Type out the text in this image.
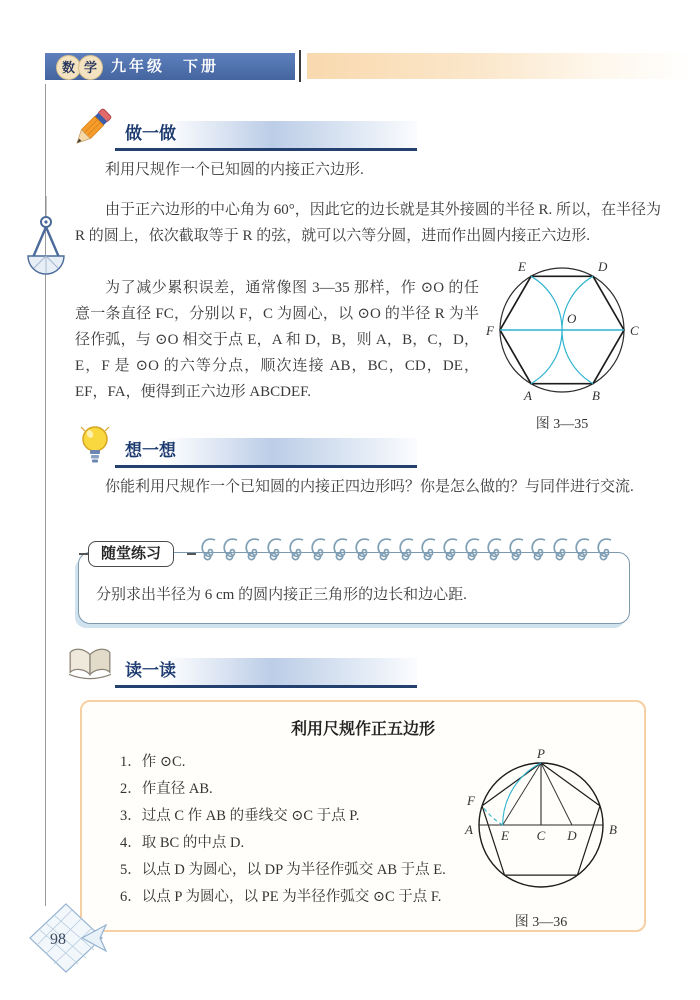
数 学 九年级　下册
做一做
利用尺规作一个已知圆的内接正六边形.
由于正六边形的中心角为 60°，因此它的边长就是其外接圆的半径 R. 所以，在半径为 R 的圆上，依次截取等于 R 的弦，就可以六等分圆，进而作出圆内接正六边形.
为了减少累积误差，通常像图 3—35 那样，作 ⊙O 的任意一条直径 FC，分别以 F，C 为圆心，以 ⊙O 的半径 R 为半径作弧，与 ⊙O 相交于点 E，A 和 D，B，则 A，B，C，D，E，F 是 ⊙O 的六等分点，顺次连接 AB，BC，CD，DE，EF，FA，便得到正六边形 ABCDEF.
E	D
F	C
O
A	B
图 3—35
想一想
你能利用尺规作一个已知圆的内接正四边形吗？你是怎么做的？与同伴进行交流.
随堂练习
分别求出半径为 6 cm 的圆内接正三角形的边长和边心距.
读一读
利用尺规作正五边形
1．作 ⊙C.
2．作直径 AB.
3．过点 C 作 AB 的垂线交 ⊙C 于点 P.
4．取 BC 的中点 D.
5．以点 D 为圆心，以 DP 为半径作弧交 AB 于点 E.
6．以点 P 为圆心，以 PE 为半径作弧交 ⊙C 于点 F.
P
F
A E C D B
图 3—36
98
